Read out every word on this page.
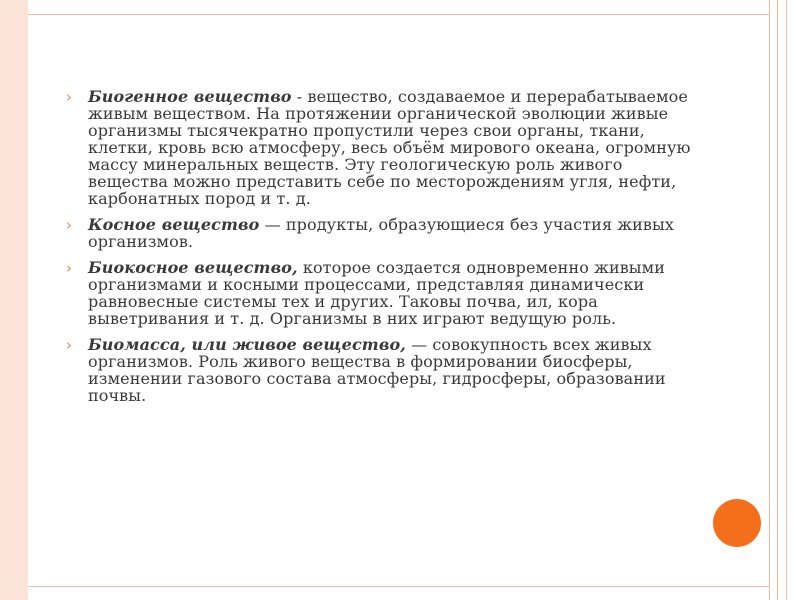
›	Биогенное вещество - вещество, создаваемое и перерабатываемое живым веществом. На протяжении органической эволюции живые организмы тысячекратно пропустили через свои органы, ткани, клетки, кровь всю атмосферу, весь объём мирового океана, огромную массу минеральных веществ. Эту геологическую роль живого вещества можно представить себе по месторождениям угля, нефти, карбонатных пород и т. д.
›	Косное вещество — продукты, образующиеся без участия живых организмов.
›	Биокосное вещество, которое создается одновременно живыми организмами и косными процессами, представляя динамически равновесные системы тех и других. Таковы почва, ил, кора выветривания и т. д. Организмы в них играют ведущую роль.
›	Биомасса, или живое вещество, — совокупность всех живых организмов. Роль живого вещества в формировании биосферы, изменении газового состава атмосферы, гидросферы, образовании почвы.
